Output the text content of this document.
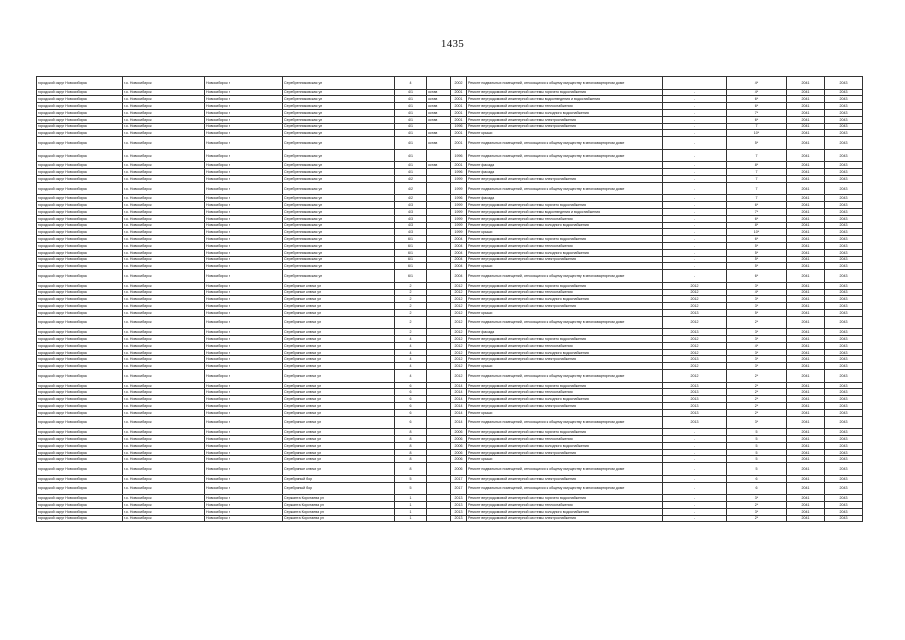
1435
городской округ Новосибирск	г.о. Новосибирск	Новосибирск г	Серебренниковская ул	4		2002	Ремонт подвальных помещений, относящихся к общему имуществу в многоквартирном доме		4*	2041	2043
городской округ Новосибирск	г.о. Новосибирск	Новосибирск г	Серебренниковская ул	4/1	остав	2001	Ремонт внутридомовой инженерной системы горячего водоснабжения	-	4*	2041	2043
городской округ Новосибирск	г.о. Новосибирск	Новосибирск г	Серебренниковская ул	4/1	остав	2001	Ремонт внутридомовой инженерной системы водоотведения и водоснабжения	-	6*	2041	2043
городской округ Новосибирск	г.о. Новосибирск	Новосибирск г	Серебренниковская ул	4/1	остав	2001	Ремонт внутридомовой инженерной системы теплоснабжения	-	6*	2041	2043
городской округ Новосибирск	г.о. Новосибирск	Новосибирск г	Серебренниковская ул	4/1	остав	2001	Ремонт внутридомовой инженерной системы холодного водоснабжения	-	7*	2041	2043
городской округ Новосибирск	г.о. Новосибирск	Новосибирск г	Серебренниковская ул	4/1	остав	2001	Ремонт внутридомовой инженерной системы электроснабжения	-	6*	2041	2043
городской округ Новосибирск	г.о. Новосибирск	Новосибирск г	Серебренниковская ул	4/1		1996	Ремонт внутридомовой инженерной системы электроснабжения	-	7	2041	2043
городской округ Новосибирск	г.о. Новосибирск	Новосибирск г	Серебренниковская ул	4/1	остав	2001	Ремонт крыши	-	10*	2041	2043
городской округ Новосибирск	г.о. Новосибирск	Новосибирск г	Серебренниковская ул	4/1	остав	2001	Ремонт подвальных помещений, относящихся к общему имуществу в многоквартирном доме	-	5*	2041	2043
городской округ Новосибирск	г.о. Новосибирск	Новосибирск г	Серебренниковская ул	4/1		1996	Ремонт подвальных помещений, относящихся к общему имуществу в многоквартирном доме	-	7	2041	2043
городской округ Новосибирск	г.о. Новосибирск	Новосибирск г	Серебренниковская ул	4/1	остав	2001	Ремонт фасада	-	8*	2041	2043
городской округ Новосибирск	г.о. Новосибирск	Новосибирск г	Серебренниковская ул	4/1		1996	Ремонт фасада	-	7	2041	2043
городской округ Новосибирск	г.о. Новосибирск	Новосибирск г	Серебренниковская ул	4/2		1999	Ремонт внутридомовой инженерной системы электроснабжения	-	7	2041	2043
городской округ Новосибирск	г.о. Новосибирск	Новосибирск г	Серебренниковская ул	4/2		1999	Ремонт подвальных помещений, относящихся к общему имуществу в многоквартирном доме	-	7	2041	2043
городской округ Новосибирск	г.о. Новосибирск	Новосибирск г	Серебренниковская ул	4/2		1996	Ремонт фасада	-	7	2041	2043
городской округ Новосибирск	г.о. Новосибирск	Новосибирск г	Серебренниковская ул	4/3		1999	Ремонт внутридомовой инженерной системы горячего водоснабжения	-	6*	2041	2043
городской округ Новосибирск	г.о. Новосибирск	Новосибирск г	Серебренниковская ул	4/3		1999	Ремонт внутридомовой инженерной системы водоотведения и водоснабжения	-	7*	2041	2043
городской округ Новосибирск	г.о. Новосибирск	Новосибирск г	Серебренниковская ул	4/3		1999	Ремонт внутридомовой инженерной системы теплоснабжения	-	6*	2041	2043
городской округ Новосибирск	г.о. Новосибирск	Новосибирск г	Серебренниковская ул	4/3		1999	Ремонт внутридомовой инженерной системы холодного водоснабжения	-	8*	2041	2043
городской округ Новосибирск	г.о. Новосибирск	Новосибирск г	Серебренниковская ул	4/3		1999	Ремонт крыши	-	10*	2041	2043
городской округ Новосибирск	г.о. Новосибирск	Новосибирск г	Серебренниковская ул	6/1		2004	Ремонт внутридомовой инженерной системы горячего водоснабжения	-	6*	2041	2043
городской округ Новосибирск	г.о. Новосибирск	Новосибирск г	Серебренниковская ул	6/1		2004	Ремонт внутридомовой инженерной системы теплоснабжения	-	5*	2041	2043
городской округ Новосибирск	г.о. Новосибирск	Новосибирск г	Серебренниковская ул	6/1		2004	Ремонт внутридомовой инженерной системы холодного водоснабжения	-	5*	2041	2043
городской округ Новосибирск	г.о. Новосибирск	Новосибирск г	Серебренниковская ул	6/1		2004	Ремонт внутридомовой инженерной системы электроснабжения	-	5*	2041	2043
городской округ Новосибирск	г.о. Новосибирск	Новосибирск г	Серебренниковская ул	6/1		2004	Ремонт крыши	-	5*	2041	2043
городской округ Новосибирск	г.о. Новосибирск	Новосибирск г	Серебренниковская ул	6/1		2004	Ремонт подвальных помещений, относящихся к общему имуществу в многоквартирном доме	-	6*	2041	2043
городской округ Новосибирск	г.о. Новосибирск	Новосибирск г	Серебряные ключи ул	2		2012	Ремонт внутридомовой инженерной системы горячего водоснабжения	2012	3*	2041	2043
городской округ Новосибирск	г.о. Новосибирск	Новосибирск г	Серебряные ключи ул	2		2012	Ремонт внутридомовой инженерной системы теплоснабжения	2012	4*	2041	2043
городской округ Новосибирск	г.о. Новосибирск	Новосибирск г	Серебряные ключи ул	2		2012	Ремонт внутридомовой инженерной системы холодного водоснабжения	2012	3*	2041	2043
городской округ Новосибирск	г.о. Новосибирск	Новосибирск г	Серебряные ключи ул	2		2012	Ремонт внутридомовой инженерной системы электроснабжения	2012	3*	2041	2043
городской округ Новосибирск	г.о. Новосибирск	Новосибирск г	Серебряные ключи ул	2		2012	Ремонт крыши	2013	5*	2041	2043
городской округ Новосибирск	г.о. Новосибирск	Новосибирск г	Серебряные ключи ул	2		2012	Ремонт подвальных помещений, относящихся к общему имуществу в многоквартирном доме	2012	2*	2041	2043
городской округ Новосибирск	г.о. Новосибирск	Новосибирск г	Серебряные ключи ул	2		2012	Ремонт фасада	2013	3*	2041	2043
городской округ Новосибирск	г.о. Новосибирск	Новосибирск г	Серебряные ключи ул	4		2012	Ремонт внутридомовой инженерной системы горячего водоснабжения	2012	3*	2041	2043
городской округ Новосибирск	г.о. Новосибирск	Новосибирск г	Серебряные ключи ул	4		2012	Ремонт внутридомовой инженерной системы теплоснабжения	2012	4*	2041	2043
городской округ Новосибирск	г.о. Новосибирск	Новосибирск г	Серебряные ключи ул	4		2012	Ремонт внутридомовой инженерной системы холодного водоснабжения	2012	3*	2041	2043
городской округ Новосибирск	г.о. Новосибирск	Новосибирск г	Серебряные ключи ул	4		2012	Ремонт внутридомовой инженерной системы электроснабжения	2013	3*	2041	2043
городской округ Новосибирск	г.о. Новосибирск	Новосибирск г	Серебряные ключи ул	4		2012	Ремонт крыши	2012	3*	2041	2043
городской округ Новосибирск	г.о. Новосибирск	Новосибирск г	Серебряные ключи ул	4		2012	Ремонт подвальных помещений, относящихся к общему имуществу в многоквартирном доме	2012	2*	2041	2043
городской округ Новосибирск	г.о. Новосибирск	Новосибирск г	Серебряные ключи ул	6		2014	Ремонт внутридомовой инженерной системы горячего водоснабжения	2013	2*	2041	2043
городской округ Новосибирск	г.о. Новосибирск	Новосибирск г	Серебряные ключи ул	6		2014	Ремонт внутридомовой инженерной системы теплоснабжения	2013	2*	2041	2043
городской округ Новосибирск	г.о. Новосибирск	Новосибирск г	Серебряные ключи ул	6		2014	Ремонт внутридомовой инженерной системы холодного водоснабжения	2013	2*	2041	2043
городской округ Новосибирск	г.о. Новосибирск	Новосибирск г	Серебряные ключи ул	6		2014	Ремонт внутридомовой инженерной системы электроснабжения	2013	2*	2041	2043
городской округ Новосибирск	г.о. Новосибирск	Новосибирск г	Серебряные ключи ул	6		2014	Ремонт крыши	2013	2*	2041	2043
городской округ Новосибирск	г.о. Новосибирск	Новосибирск г	Серебряные ключи ул	6		2014	Ремонт подвальных помещений, относящихся к общему имуществу в многоквартирном доме	2013	3*	2041	2043
городской округ Новосибирск	г.о. Новосибирск	Новосибирск г	Серебряные ключи ул	8		2006	Ремонт внутридомовой инженерной системы горячего водоснабжения	-	5	2041	2043
городской округ Новосибирск	г.о. Новосибирск	Новосибирск г	Серебряные ключи ул	8		2006	Ремонт внутридомовой инженерной системы теплоснабжения	-	5	2041	2043
городской округ Новосибирск	г.о. Новосибирск	Новосибирск г	Серебряные ключи ул	8		2006	Ремонт внутридомовой инженерной системы холодного водоснабжения	-	5	2041	2043
городской округ Новосибирск	г.о. Новосибирск	Новосибирск г	Серебряные ключи ул	8		2006	Ремонт внутридомовой инженерной системы электроснабжения	-	5	2041	2043
городской округ Новосибирск	г.о. Новосибирск	Новосибирск г	Серебряные ключи ул	8		2006	Ремонт крыши	-	5	2041	2043
городской округ Новосибирск	г.о. Новосибирск	Новосибирск г	Серебряные ключи ул	8		2006	Ремонт подвальных помещений, относящихся к общему имуществу в многоквартирном доме	-	5	2041	2043
городской округ Новосибирск	г.о. Новосибирск	Новосибирск г	Серебряный бор	5		2017	Ремонт внутридомовой инженерной системы электроснабжения	-	6	2041	2043
городской округ Новосибирск	г.о. Новосибирск	Новосибирск г	Серебряный бор	5		2017	Ремонт подвальных помещений, относящихся к общему имуществу в многоквартирном доме	-	6	2041	2043
городской округ Новосибирск	г.о. Новосибирск	Новосибирск г	Сержанта Коротаева ул	1		2013	Ремонт внутридомовой инженерной системы горячего водоснабжения	-	3*	2041	2043
городской округ Новосибирск	г.о. Новосибирск	Новосибирск г	Сержанта Коротаева ул	1		2013	Ремонт внутридомовой инженерной системы теплоснабжения	-	2*	2041	2043
городской округ Новосибирск	г.о. Новосибирск	Новосибирск г	Сержанта Коротаева ул	1		2013	Ремонт внутридомовой инженерной системы холодного водоснабжения	-	3*	2041	2043
городской округ Новосибирск	г.о. Новосибирск	Новосибирск г	Сержанта Коротаева ул	1		2013	Ремонт внутридомовой инженерной системы электроснабжения	-	2*	2041	2043
